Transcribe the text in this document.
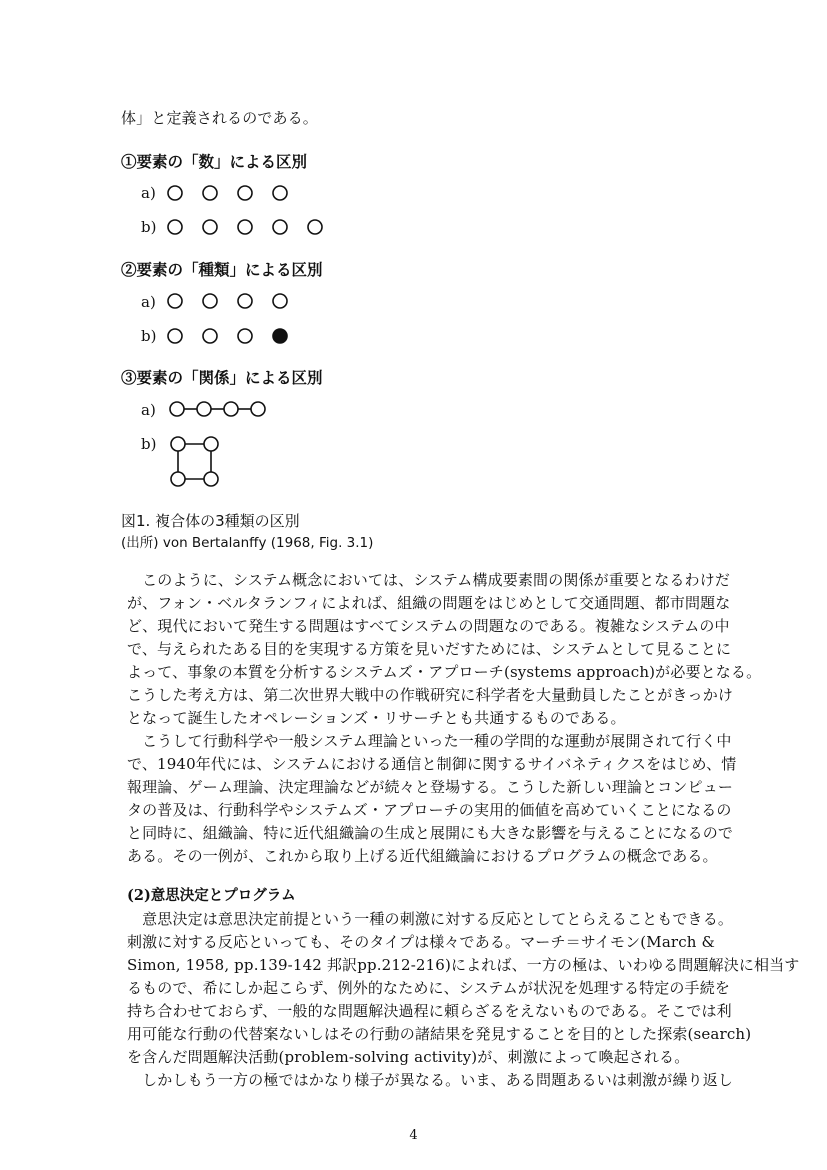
体」と定義されるのである。
①要素の「数」による区別
a)
b)
②要素の「種類」による区別
a)
b)
③要素の「関係」による区別
a)
b)
図1. 複合体の3種類の区別
(出所) von Bertalanffy (1968, Fig. 3.1)
　このように、システム概念においては、システム構成要素間の関係が重要となるわけだ
が、フォン・ベルタランフィによれば、組織の問題をはじめとして交通問題、都市問題な
ど、現代において発生する問題はすべてシステムの問題なのである。複雑なシステムの中
で、与えられたある目的を実現する方策を見いだすためには、システムとして見ることに
よって、事象の本質を分析するシステムズ・アプローチ(systems approach)が必要となる。
こうした考え方は、第二次世界大戦中の作戦研究に科学者を大量動員したことがきっかけ
となって誕生したオペレーションズ・リサーチとも共通するものである。
　こうして行動科学や一般システム理論といった一種の学問的な運動が展開されて行く中
で、1940年代には、システムにおける通信と制御に関するサイバネティクスをはじめ、情
報理論、ゲーム理論、決定理論などが続々と登場する。こうした新しい理論とコンピュー
タの普及は、行動科学やシステムズ・アプローチの実用的価値を高めていくことになるの
と同時に、組織論、特に近代組織論の生成と展開にも大きな影響を与えることになるので
ある。その一例が、これから取り上げる近代組織論におけるプログラムの概念である。
(2)意思決定とプログラム
　意思決定は意思決定前提という一種の刺激に対する反応としてとらえることもできる。
刺激に対する反応といっても、そのタイプは様々である。マーチ＝サイモン(March &
Simon, 1958, pp.139-142 邦訳pp.212-216)によれば、一方の極は、いわゆる問題解決に相当す
るもので、希にしか起こらず、例外的なために、システムが状況を処理する特定の手続を
持ち合わせておらず、一般的な問題解決過程に頼らざるをえないものである。そこでは利
用可能な行動の代替案ないしはその行動の諸結果を発見することを目的とした探索(search)
を含んだ問題解決活動(problem-solving activity)が、刺激によって喚起される。
　しかしもう一方の極ではかなり様子が異なる。いま、ある問題あるいは刺激が繰り返し
4
